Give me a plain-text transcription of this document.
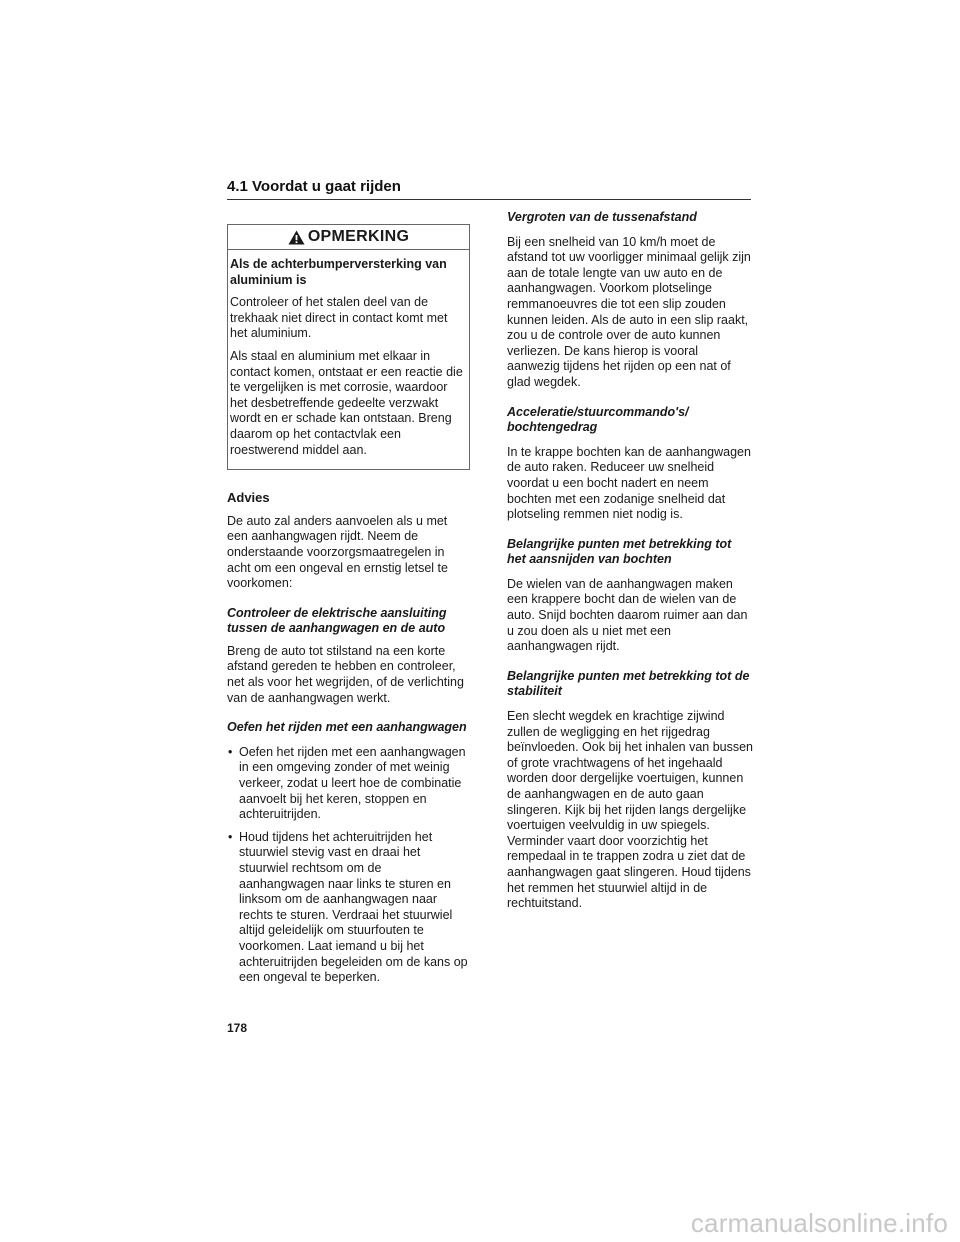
4.1 Voordat u gaat rijden
OPMERKING

Als de achterbumperversterking van aluminium is

Controleer of het stalen deel van de trekhaak niet direct in contact komt met het aluminium.

Als staal en aluminium met elkaar in contact komen, ontstaat er een reactie die te vergelijken is met corrosie, waardoor het desbetreffende gedeelte verzwakt wordt en er schade kan ontstaan. Breng daarom op het contactvlak een roestwerend middel aan.

Advies

De auto zal anders aanvoelen als u met een aanhangwagen rijdt. Neem de onderstaande voorzorgsmaatregelen in acht om een ongeval en ernstig letsel te voorkomen:

Controleer de elektrische aansluiting tussen de aanhangwagen en de auto

Breng de auto tot stilstand na een korte afstand gereden te hebben en controleer, net als voor het wegrijden, of de verlichting van de aanhangwagen werkt.

Oefen het rijden met een aanhangwagen

• Oefen het rijden met een aanhangwagen in een omgeving zonder of met weinig verkeer, zodat u leert hoe de combinatie aanvoelt bij het keren, stoppen en achteruitrijden.
• Houd tijdens het achteruitrijden het stuurwiel stevig vast en draai het stuurwiel rechtsom om de aanhangwagen naar links te sturen en linksom om de aanhangwagen naar rechts te sturen. Verdraai het stuurwiel altijd geleidelijk om stuurfouten te voorkomen. Laat iemand u bij het achteruitrijden begeleiden om de kans op een ongeval te beperken.

Vergroten van de tussenafstand

Bij een snelheid van 10 km/h moet de afstand tot uw voorligger minimaal gelijk zijn aan de totale lengte van uw auto en de aanhangwagen. Voorkom plotselinge remmanoeuvres die tot een slip zouden kunnen leiden. Als de auto in een slip raakt, zou u de controle over de auto kunnen verliezen. De kans hierop is vooral aanwezig tijdens het rijden op een nat of glad wegdek.

Acceleratie/stuurcommando's/ bochtengedrag

In te krappe bochten kan de aanhangwagen de auto raken. Reduceer uw snelheid voordat u een bocht nadert en neem bochten met een zodanige snelheid dat plotseling remmen niet nodig is.

Belangrijke punten met betrekking tot het aansnijden van bochten

De wielen van de aanhangwagen maken een krappere bocht dan de wielen van de auto. Snijd bochten daarom ruimer aan dan u zou doen als u niet met een aanhangwagen rijdt.

Belangrijke punten met betrekking tot de stabiliteit

Een slecht wegdek en krachtige zijwind zullen de wegligging en het rijgedrag beïnvloeden. Ook bij het inhalen van bussen of grote vrachtwagens of het ingehaald worden door dergelijke voertuigen, kunnen de aanhangwagen en de auto gaan slingeren. Kijk bij het rijden langs dergelijke voertuigen veelvuldig in uw spiegels. Verminder vaart door voorzichtig het rempedaal in te trappen zodra u ziet dat de aanhangwagen gaat slingeren. Houd tijdens het remmen het stuurwiel altijd in de rechtuitstand.

178
carmanualsonline.info
